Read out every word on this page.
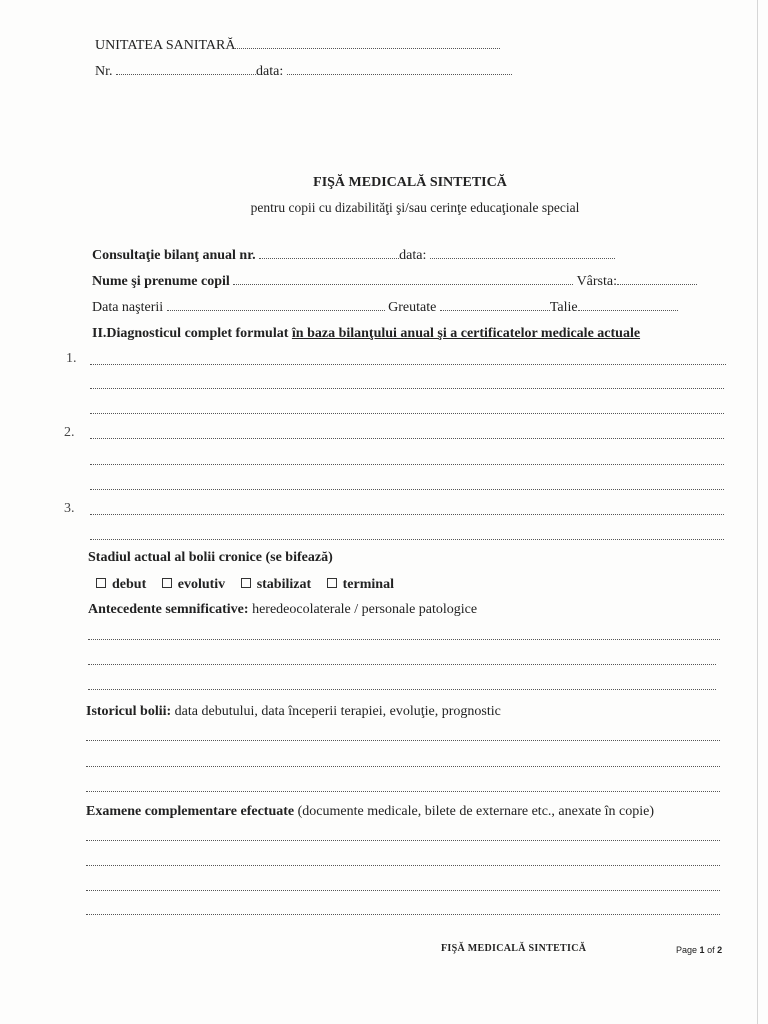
UNITATEA SANITARĂ
Nr.	data:
FIŞĂ MEDICALĂ SINTETICĂ
pentru copii cu dizabilităţi şi/sau cerinţe educaţionale special
Consultaţie bilanţ anual nr.	data:
Nume şi prenume copil	Vârsta:
Data naşterii	Greutate	Talie
II.Diagnosticul complet formulat în baza bilanţului anual şi a certificatelor medicale actuale
1.
2.
3.
Stadiul actual al bolii cronice (se bifează)
debut evolutiv stabilizat terminal
Antecedente semnificative: heredeocolaterale / personale patologice
Istoricul bolii: data debutului, data începerii terapiei, evoluţie, prognostic
Examene complementare efectuate (documente medicale, bilete de externare etc., anexate în copie)
FIŞĂ MEDICALĂ SINTETICĂ	Page 1 of 2
